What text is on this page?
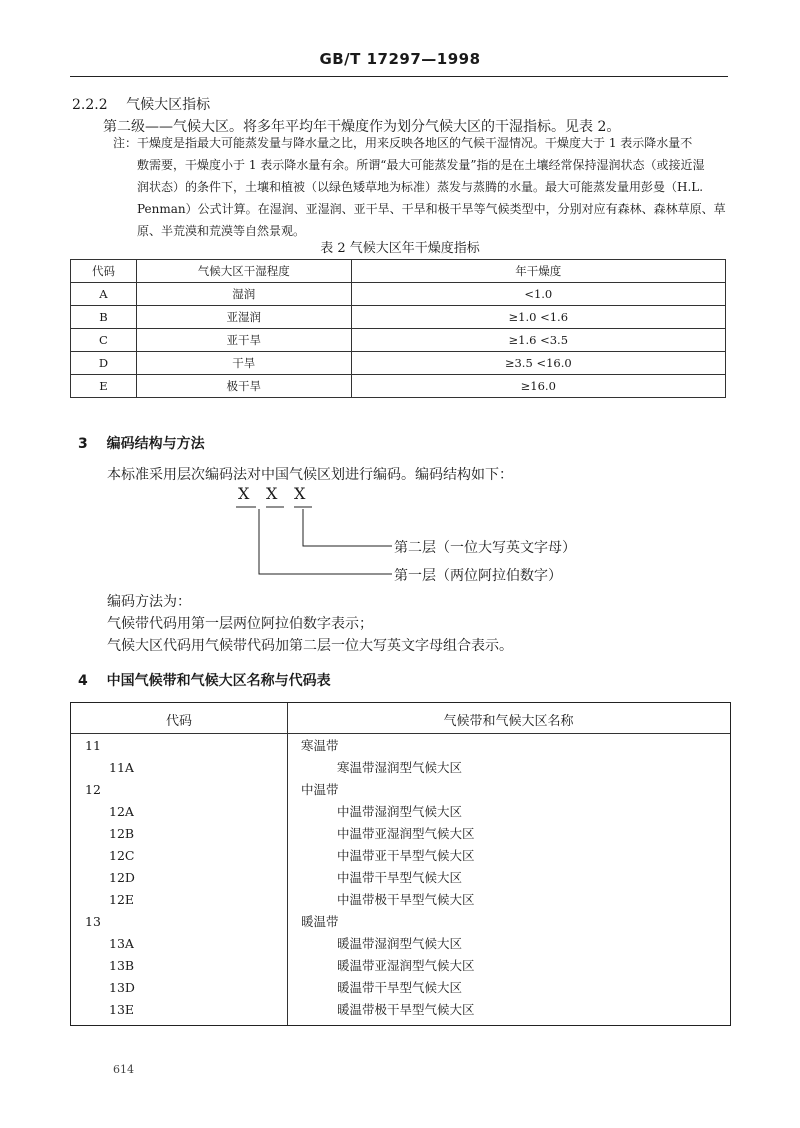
GB/T 17297—1998
2.2.2 气候大区指标
第二级——气候大区。将多年平均年干燥度作为划分气候大区的干湿指标。见表 2。
注：干燥度是指最大可能蒸发量与降水量之比，用来反映各地区的气候干湿情况。干燥度大于 1 表示降水量不
敷需要，干燥度小于 1 表示降水量有余。所谓“最大可能蒸发量”指的是在土壤经常保持湿润状态（或接近湿
润状态）的条件下，土壤和植被（以绿色矮草地为标准）蒸发与蒸腾的水量。最大可能蒸发量用彭曼（H.L.
Penman）公式计算。在湿润、亚湿润、亚干旱、干旱和极干旱等气候类型中，分别对应有森林、森林草原、草
原、半荒漠和荒漠等自然景观。
表 2 气候大区年干燥度指标
代码	气候大区干湿程度	年干燥度
A	湿润	<1.0
B	亚湿润	≥1.0 <1.6
C	亚干旱	≥1.6 <3.5
D	干旱	≥3.5 <16.0
E	极干旱	≥16.0
3 编码结构与方法
本标准采用层次编码法对中国气候区划进行编码。编码结构如下：
X X X
第二层（一位大写英文字母）
第一层（两位阿拉伯数字）
编码方法为：
气候带代码用第一层两位阿拉伯数字表示；
气候大区代码用气候带代码加第二层一位大写英文字母组合表示。
4 中国气候带和气候大区名称与代码表
代码	气候带和气候大区名称
11	寒温带
11A	寒温带湿润型气候大区
12	中温带
12A	中温带湿润型气候大区
12B	中温带亚湿润型气候大区
12C	中温带亚干旱型气候大区
12D	中温带干旱型气候大区
12E	中温带极干旱型气候大区
13	暖温带
13A	暖温带湿润型气候大区
13B	暖温带亚湿润型气候大区
13D	暖温带干旱型气候大区
13E	暖温带极干旱型气候大区
614
